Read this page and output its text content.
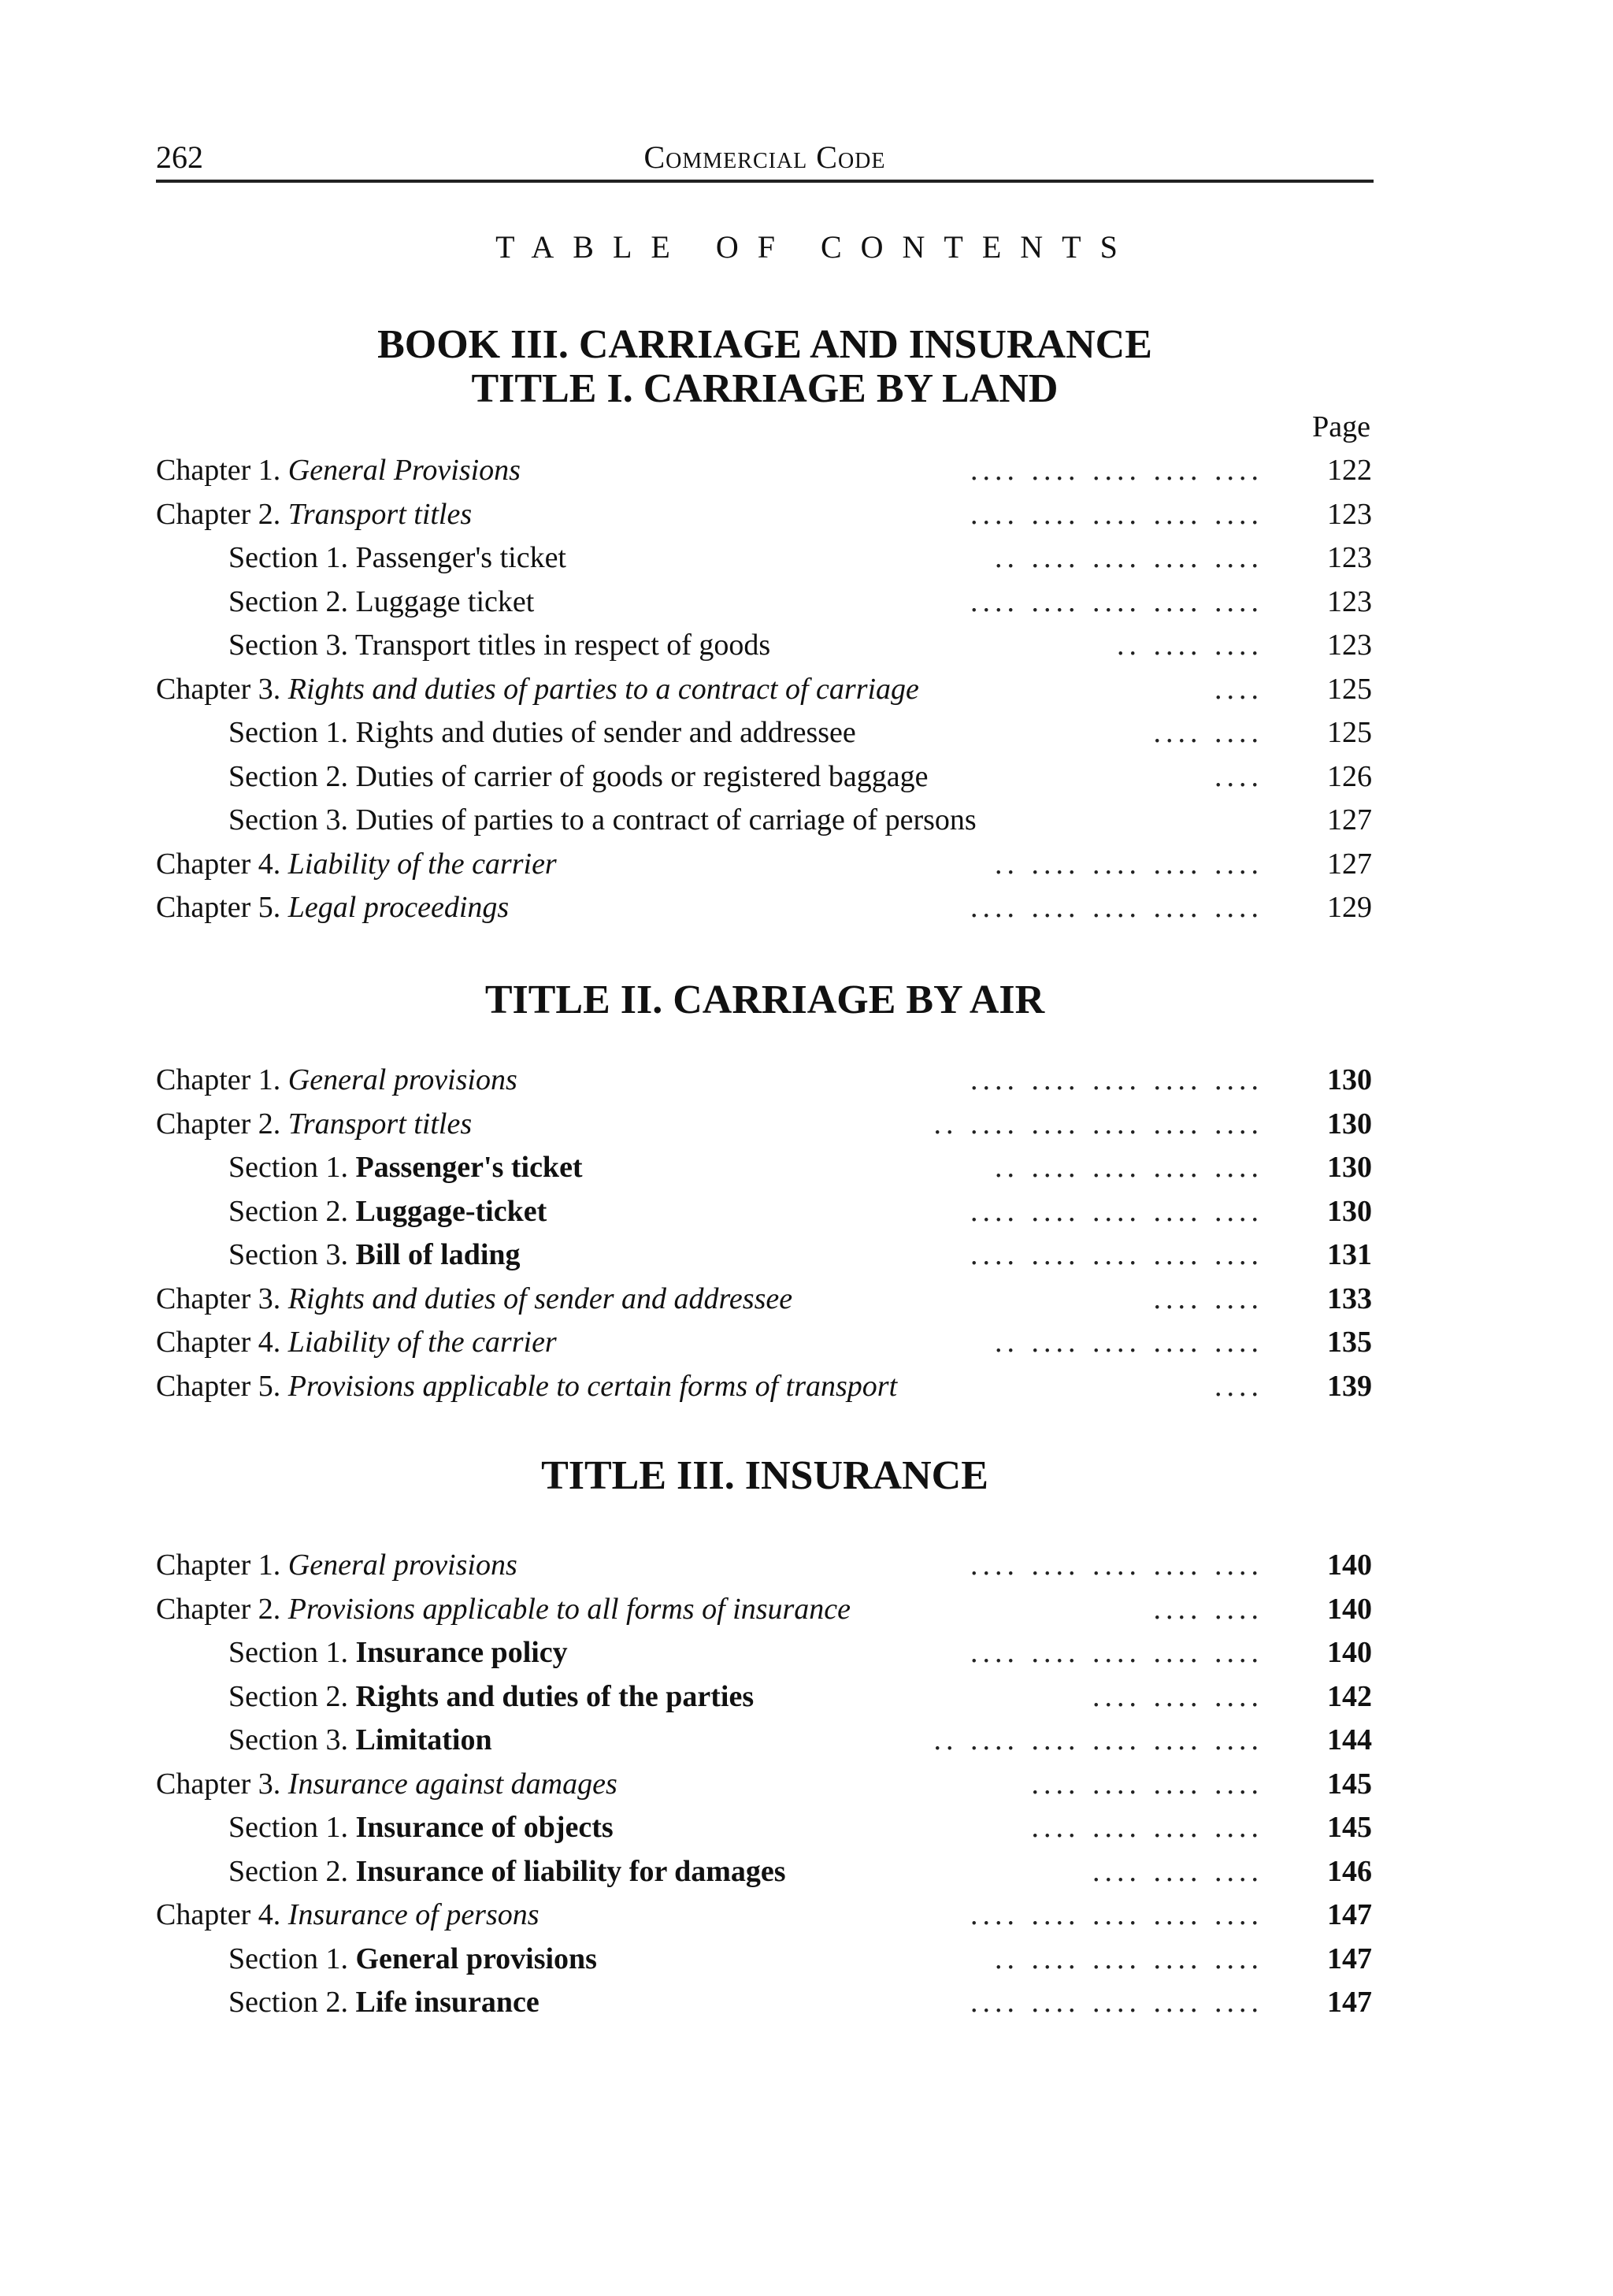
262	Commercial Code
TABLE OF CONTENTS
BOOK III. CARRIAGE AND INSURANCE
TITLE I. CARRIAGE BY LAND
Page
Chapter 1. General Provisions	.... .... .... .... ....	122
Chapter 2. Transport titles	.... .... .... .... ....	123
Section 1. Passenger's ticket	.. .... .... .... ....	123
Section 2. Luggage ticket	.... .... .... .... ....	123
Section 3. Transport titles in respect of goods	.. .... ....	123
Chapter 3. Rights and duties of parties to a contract of carriage	....	125
Section 1. Rights and duties of sender and addressee	.... ....	125
Section 2. Duties of carrier of goods or registered baggage	....	126
Section 3. Duties of parties to a contract of carriage of persons	127
Chapter 4. Liability of the carrier	.. .... .... .... ....	127
Chapter 5. Legal proceedings	.... .... .... .... ....	129
TITLE II. CARRIAGE BY AIR
Chapter 1. General provisions	.... .... .... .... ....	130
Chapter 2. Transport titles	.. .... .... .... .... ....	130
Section 1. Passenger's ticket	.. .... .... .... ....	130
Section 2. Luggage-ticket	.... .... .... .... ....	130
Section 3. Bill of lading	.... .... .... .... ....	131
Chapter 3. Rights and duties of sender and addressee	.... ....	133
Chapter 4. Liability of the carrier	.. .... .... .... ....	135
Chapter 5. Provisions applicable to certain forms of transport	....	139
TITLE III. INSURANCE
Chapter 1. General provisions	.... .... .... .... ....	140
Chapter 2. Provisions applicable to all forms of insurance	.... ....	140
Section 1. Insurance policy	.... .... .... .... ....	140
Section 2. Rights and duties of the parties	.... .... ....	142
Section 3. Limitation	.. .... .... .... .... ....	144
Chapter 3. Insurance against damages	.... .... .... ....	145
Section 1. Insurance of objects	.... .... .... ....	145
Section 2. Insurance of liability for damages	.... .... ....	146
Chapter 4. Insurance of persons	.... .... .... .... ....	147
Section 1. General provisions	.. .... .... .... ....	147
Section 2. Life insurance	.... .... .... .... ....	147
